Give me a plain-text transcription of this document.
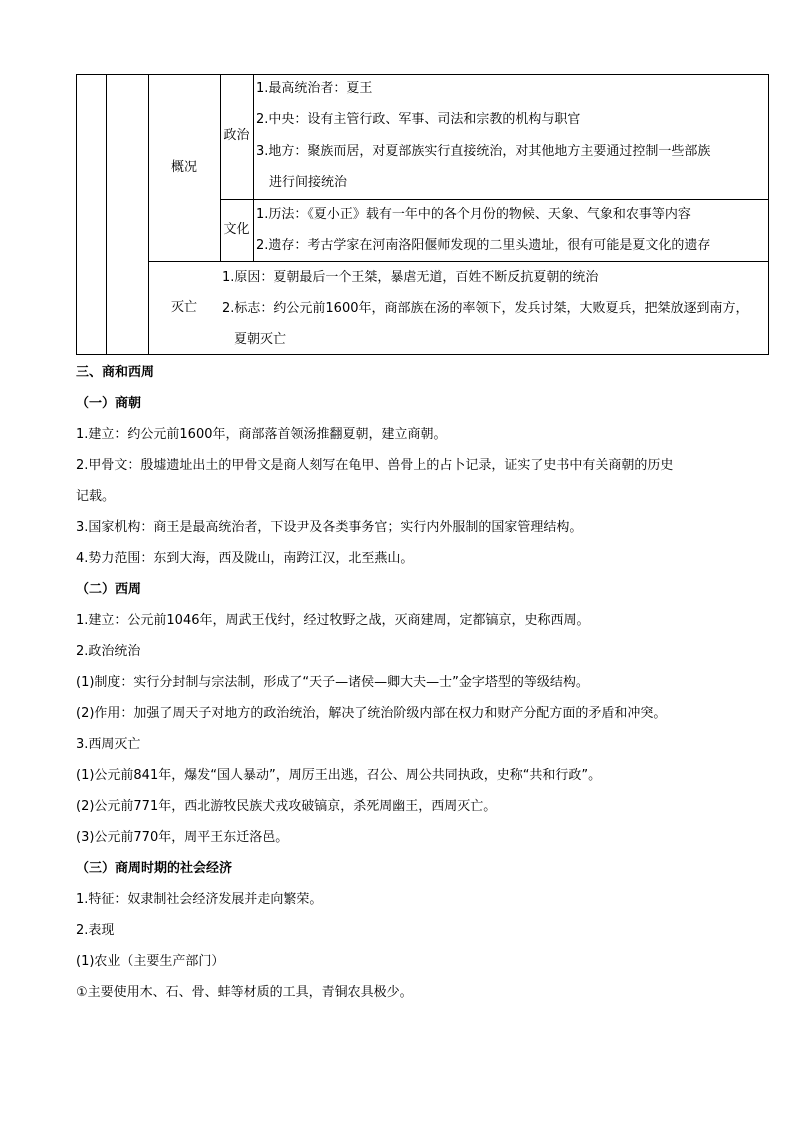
概况
政治
文化
灭亡
1.最高统治者：夏王
2.中央：设有主管行政、军事、司法和宗教的机构与职官
3.地方：聚族而居，对夏部族实行直接统治，对其他地方主要通过控制一些部族
进行间接统治
1.历法：《夏小正》载有一年中的各个月份的物候、天象、气象和农事等内容
2.遗存：考古学家在河南洛阳偃师发现的二里头遗址，很有可能是夏文化的遗存
1.原因：夏朝最后一个王桀，暴虐无道，百姓不断反抗夏朝的统治
2.标志：约公元前1600年，商部族在汤的率领下，发兵讨桀，大败夏兵，把桀放逐到南方，
夏朝灭亡
三、商和西周
（一）商朝
1.建立：约公元前1600年，商部落首领汤推翻夏朝，建立商朝。
2.甲骨文：殷墟遗址出土的甲骨文是商人刻写在龟甲、兽骨上的占卜记录，证实了史书中有关商朝的历史
记载。
3.国家机构：商王是最高统治者，下设尹及各类事务官；实行内外服制的国家管理结构。
4.势力范围：东到大海，西及陇山，南跨江汉，北至燕山。
（二）西周
1.建立：公元前1046年，周武王伐纣，经过牧野之战，灭商建周，定都镐京，史称西周。
2.政治统治
(1)制度：实行分封制与宗法制，形成了“天子—诸侯—卿大夫—士”金字塔型的等级结构。
(2)作用：加强了周天子对地方的政治统治，解决了统治阶级内部在权力和财产分配方面的矛盾和冲突。
3.西周灭亡
(1)公元前841年，爆发“国人暴动”，周厉王出逃，召公、周公共同执政，史称“共和行政”。
(2)公元前771年，西北游牧民族犬戎攻破镐京，杀死周幽王，西周灭亡。
(3)公元前770年，周平王东迁洛邑。
（三）商周时期的社会经济
1.特征：奴隶制社会经济发展并走向繁荣。
2.表现
(1)农业（主要生产部门）
①主要使用木、石、骨、蚌等材质的工具，青铜农具极少。
